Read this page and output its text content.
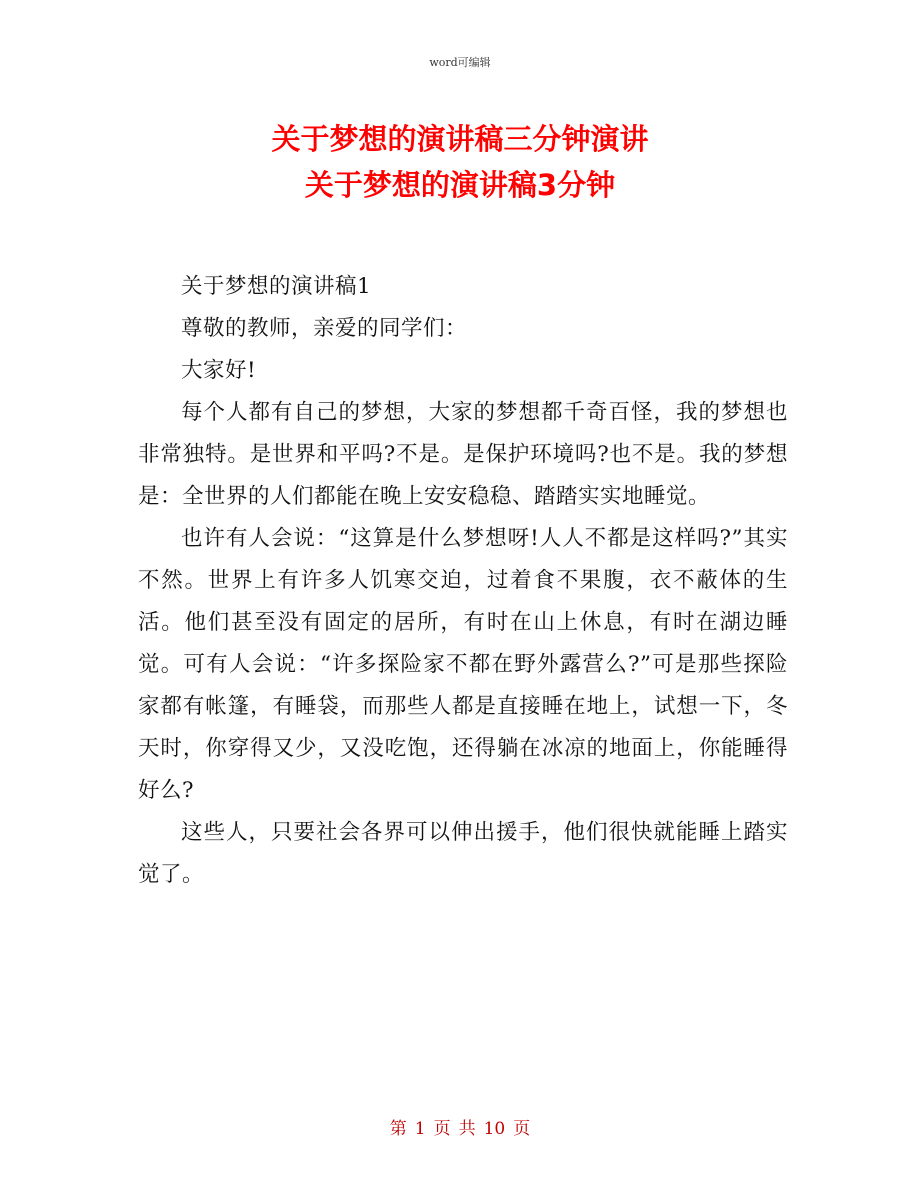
word可编辑
关于梦想的演讲稿三分钟演讲
关于梦想的演讲稿3分钟

关于梦想的演讲稿1

尊敬的教师，亲爱的同学们：

大家好!

每个人都有自己的梦想，大家的梦想都千奇百怪，我的梦想也非常独特。是世界和平吗?不是。是保护环境吗?也不是。我的梦想是：全世界的人们都能在晚上安安稳稳、踏踏实实地睡觉。

也许有人会说：“这算是什么梦想呀!人人不都是这样吗?”其实不然。世界上有许多人饥寒交迫，过着食不果腹，衣不蔽体的生活。他们甚至没有固定的居所，有时在山上休息，有时在湖边睡觉。可有人会说：“许多探险家不都在野外露营么?”可是那些探险家都有帐篷，有睡袋，而那些人都是直接睡在地上，试想一下，冬天时，你穿得又少，又没吃饱，还得躺在冰凉的地面上，你能睡得好么?

这些人，只要社会各界可以伸出援手，他们很快就能睡上踏实觉了。

第 1 页 共 10 页
